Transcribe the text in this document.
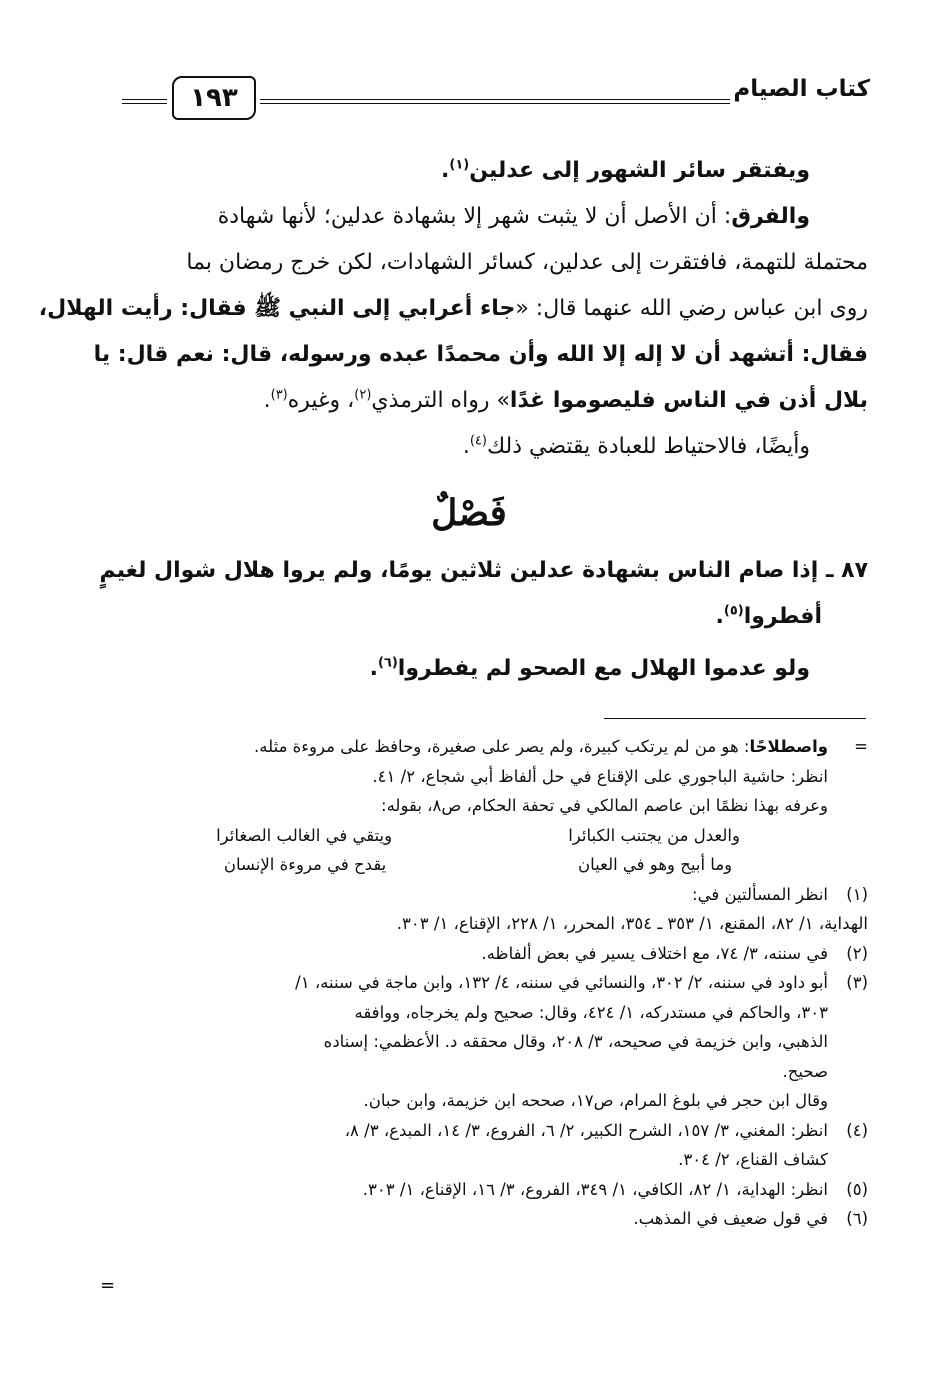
كتاب الصيام
١٩٣
ويفتقر سائر الشهور إلى عدلين$^{(١)}$.
والفرق: أن الأصل أن لا يثبت شهر إلا بشهادة عدلين؛ لأنها شهادة
محتملة للتهمة، فافتقرت إلى عدلين، كسائر الشهادات، لكن خرج رمضان بما
روى ابن عباس رضي الله عنهما قال: «جاء أعرابي إلى النبي ﷺ فقال: رأيت الهلال،
فقال: أتشهد أن لا إله إلا الله وأن محمدًا عبده ورسوله، قال: نعم قال: يا
بلال أذن في الناس فليصوموا غدًا» رواه الترمذي$^{(٢)}$، وغيره$^{(٣)}$.
وأيضًا، فالاحتياط للعبادة يقتضي ذلك$^{(٤)}$.
فَصْلٌ
٨٧ ـ إذا صام الناس بشهادة عدلين ثلاثين يومًا، ولم يروا هلال شوال لغيمٍ
أفطروا$^{(٥)}$.
ولو عدموا الهلال مع الصحو لم يفطروا$^{(٦)}$.
=واصطلاحًا: هو من لم يرتكب كبيرة، ولم يصر على صغيرة، وحافظ على مروءة مثله.
انظر: حاشية الباجوري على الإقناع في حل ألفاظ أبي شجاع، ٢/ ٤١.
وعرفه بهذا نظمًا ابن عاصم المالكي في تحفة الحكام، ص٨، بقوله:
والعدل من يجتنب الكبائرا
ويتقي في الغالب الصغائرا
وما أبيح وهو في العيان
يقدح في مروءة الإنسان
(١)انظر المسألتين في:
الهداية، ١/ ٨٢، المقنع، ١/ ٣٥٣ ـ ٣٥٤، المحرر، ١/ ٢٢٨، الإقناع، ١/ ٣٠٣.
(٢)في سننه، ٣/ ٧٤، مع اختلاف يسير في بعض ألفاظه.
(٣)أبو داود في سننه، ٢/ ٣٠٢، والنسائي في سننه، ٤/ ١٣٢، وابن ماجة في سننه، ١/
٣٠٣، والحاكم في مستدركه، ١/ ٤٢٤، وقال: صحيح ولم يخرجاه، ووافقه
الذهبي، وابن خزيمة في صحيحه، ٣/ ٢٠٨، وقال محققه د. الأعظمي: إسناده
صحيح.
وقال ابن حجر في بلوغ المرام، ص١٧، صححه ابن خزيمة، وابن حبان.
(٤)انظر: المغني، ٣/ ١٥٧، الشرح الكبير، ٢/ ٦، الفروع، ٣/ ١٤، المبدع، ٣/ ٨،
كشاف القناع، ٢/ ٣٠٤.
(٥)انظر: الهداية، ١/ ٨٢، الكافي، ١/ ٣٤٩، الفروع، ٣/ ١٦، الإقناع، ١/ ٣٠٣.
(٦)في قول ضعيف في المذهب.
=
